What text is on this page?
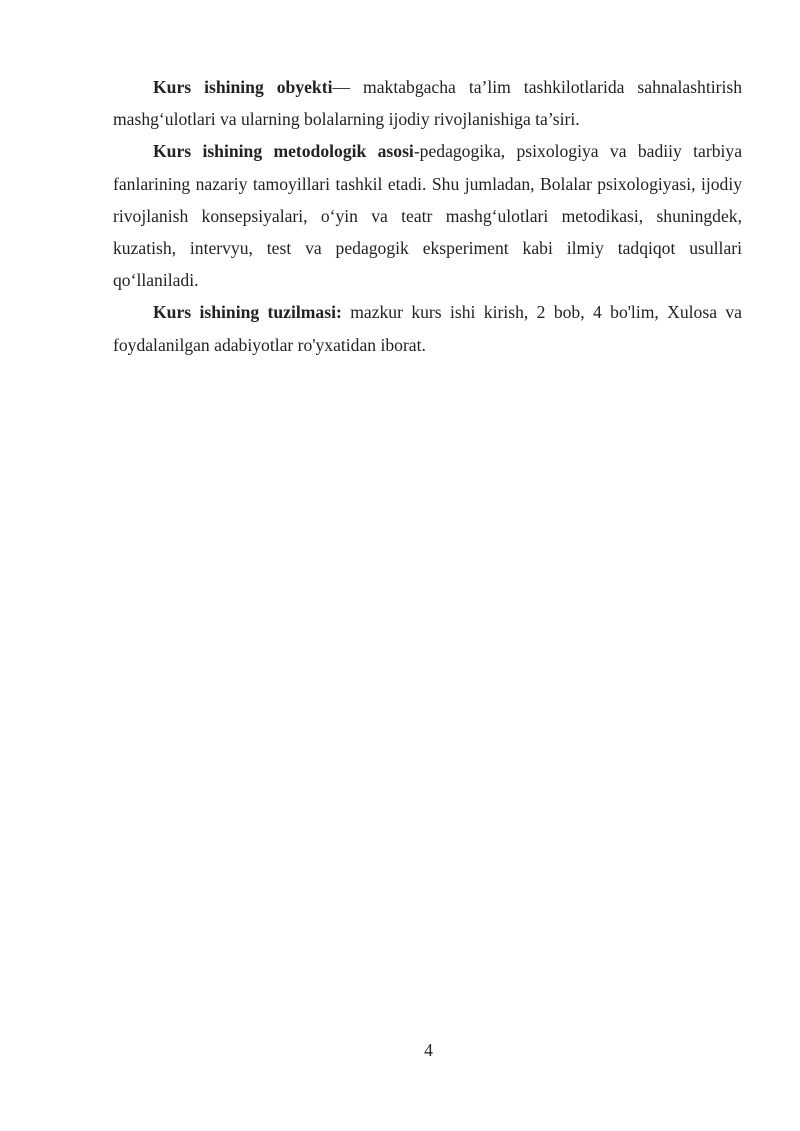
Kurs ishining obyekti— maktabgacha ta’lim tashkilotlarida sahnalashtirish mashg‘ulotlari va ularning bolalarning ijodiy rivojlanishiga ta’siri.

Kurs ishining metodologik asosi-pedagogika, psixologiya va badiiy tarbiya fanlarining nazariy tamoyillari tashkil etadi. Shu jumladan, Bolalar psixologiyasi, ijodiy rivojlanish konsepsiyalari, o‘yin va teatr mashg‘ulotlari metodikasi, shuningdek, kuzatish, intervyu, test va pedagogik eksperiment kabi ilmiy tadqiqot usullari qo‘llaniladi.

Kurs ishining tuzilmasi: mazkur kurs ishi kirish, 2 bob, 4 bo'lim, Xulosa va foydalanilgan adabiyotlar ro'yxatidan iborat.

4
